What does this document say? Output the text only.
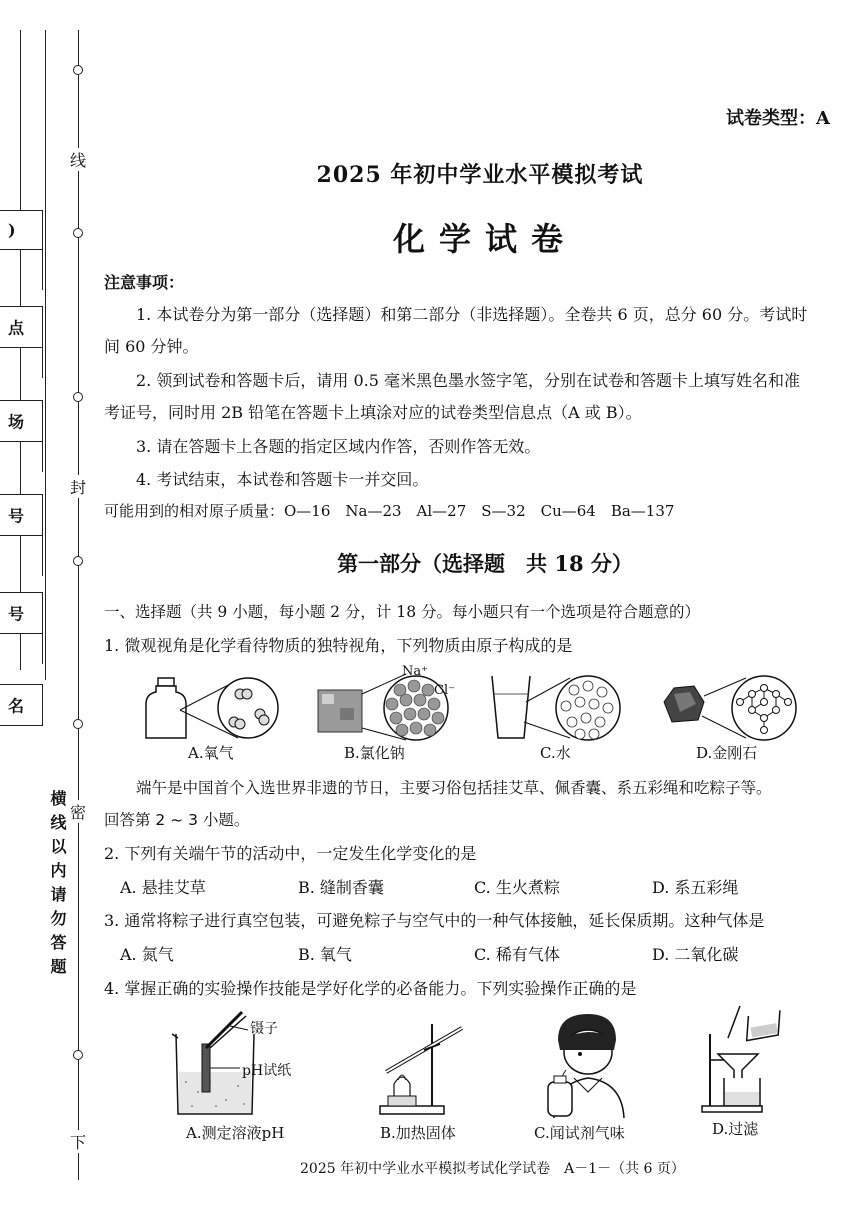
线
封
密
下
横线以内请勿答题
)
点
场
号
号
名
试卷类型：A
2025 年初中学业水平模拟考试
化学试卷
注意事项：
1. 本试卷分为第一部分（选择题）和第二部分（非选择题）。全卷共 6 页，总分 60 分。考试时
间 60 分钟。
2. 领到试卷和答题卡后，请用 0.5 毫米黑色墨水签字笔，分别在试卷和答题卡上填写姓名和准
考证号，同时用 2B 铅笔在答题卡上填涂对应的试卷类型信息点（A 或 B）。
3. 请在答题卡上各题的指定区域内作答，否则作答无效。
4. 考试结束，本试卷和答题卡一并交回。
可能用到的相对原子质量：O—16　Na—23　Al—27　S—32　Cu—64　Ba—137
第一部分（选择题　共 18 分）
一、选择题（共 9 小题，每小题 2 分，计 18 分。每小题只有一个选项是符合题意的）
1. 微观视角是化学看待物质的独特视角，下列物质由原子构成的是
A.氧气
Na⁺
Cl⁻
B.氯化钠	C.水	D.金刚石
端午是中国首个入选世界非遗的节日，主要习俗包括挂艾草、佩香囊、系五彩绳和吃粽子等。
回答第 2 ~ 3 小题。
2. 下列有关端午节的活动中，一定发生化学变化的是
A. 悬挂艾草	B. 缝制香囊	C. 生火煮粽	D. 系五彩绳
3. 通常将粽子进行真空包装，可避免粽子与空气中的一种气体接触，延长保质期。这种气体是
A. 氮气	B. 氧气	C. 稀有气体	D. 二氧化碳
4. 掌握正确的实验操作技能是学好化学的必备能力。下列实验操作正确的是
镊子
pH试纸
A.测定溶液pH	B.加热固体	C.闻试剂气味	D.过滤
2025 年初中学业水平模拟考试化学试卷　A－1－（共 6 页）
